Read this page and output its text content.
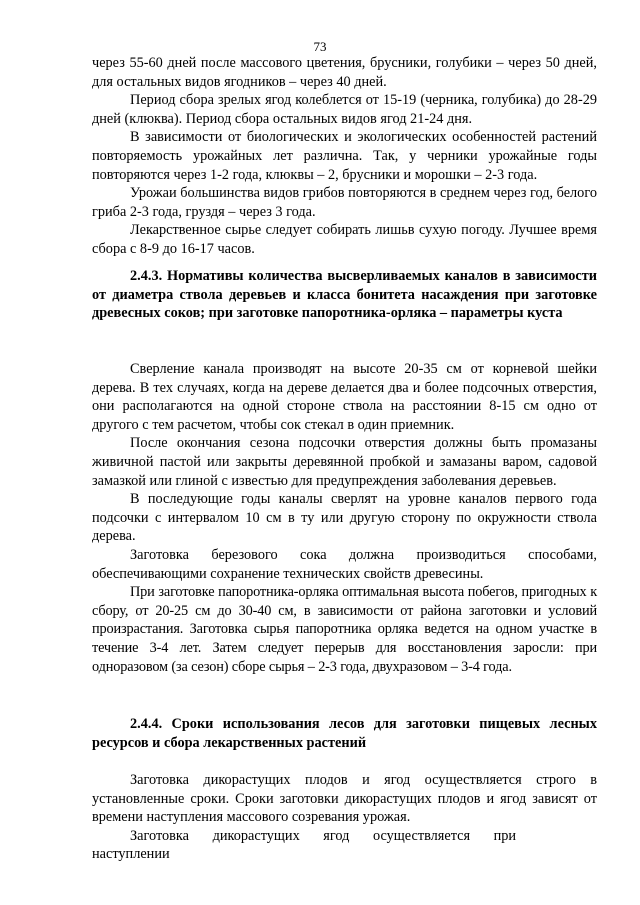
73

через 55-60 дней после массового цветения, брусники, голубики – через 50 дней, для остальных видов ягодников – через 40 дней.

Период сбора зрелых ягод колеблется от 15-19 (черника, голубика) до 28-29 дней (клюква). Период сбора остальных видов ягод 21-24 дня.

В зависимости от биологических и экологических особенностей растений повторяемость урожайных лет различна. Так, у черники урожайные годы повторяются через 1-2 года, клюквы – 2, брусники и морошки – 2-3 года.

Урожаи большинства видов грибов повторяются в среднем через год, белого гриба 2-3 года, груздя – через 3 года.

Лекарственное сырье следует собирать лишьв сухую погоду. Лучшее время сбора с 8-9 до 16-17 часов.

2.4.3. Нормативы количества высверливаемых каналов в зависимости от диаметра ствола деревьев и класса бонитета насаждения при заготовке древесных соков; при заготовке папоротника-орляка – параметры куста

Сверление канала производят на высоте 20-35 см от корневой шейки дерева. В тех случаях, когда на дереве делается два и более подсочных отверстия, они располагаются на одной стороне ствола на расстоянии 8-15 см одно от другого с тем расчетом, чтобы сок стекал в один приемник.

После окончания сезона подсочки отверстия должны быть промазаны живичной пастой или закрыты деревянной пробкой и замазаны варом, садовой замазкой или глиной с известью для предупреждения заболевания деревьев.

В последующие годы каналы сверлят на уровне каналов первого года подсочки с интервалом 10 см в ту или другую сторону по окружности ствола дерева.

Заготовка березового сока должна производиться способами, обеспечивающими сохранение технических свойств древесины.

При заготовке папоротника-орляка оптимальная высота побегов, пригодных к сбору, от 20-25 см до 30-40 см, в зависимости от района заготовки и условий произрастания. Заготовка сырья папоротника орляка ведется на одном участке в течение 3-4 лет. Затем следует перерыв для восстановления заросли: при одноразовом (за сезон) сборе сырья – 2-3 года, двухразовом – 3-4 года.

2.4.4. Сроки использования лесов для заготовки пищевых лесных ресурсов и сбора лекарственных растений

Заготовка дикорастущих плодов и ягод осуществляется строго в установленные сроки. Сроки заготовки дикорастущих плодов и ягод зависят от времени наступления массового созревания урожая.

Заготовка дикорастущих ягод осуществляется при наступлении
